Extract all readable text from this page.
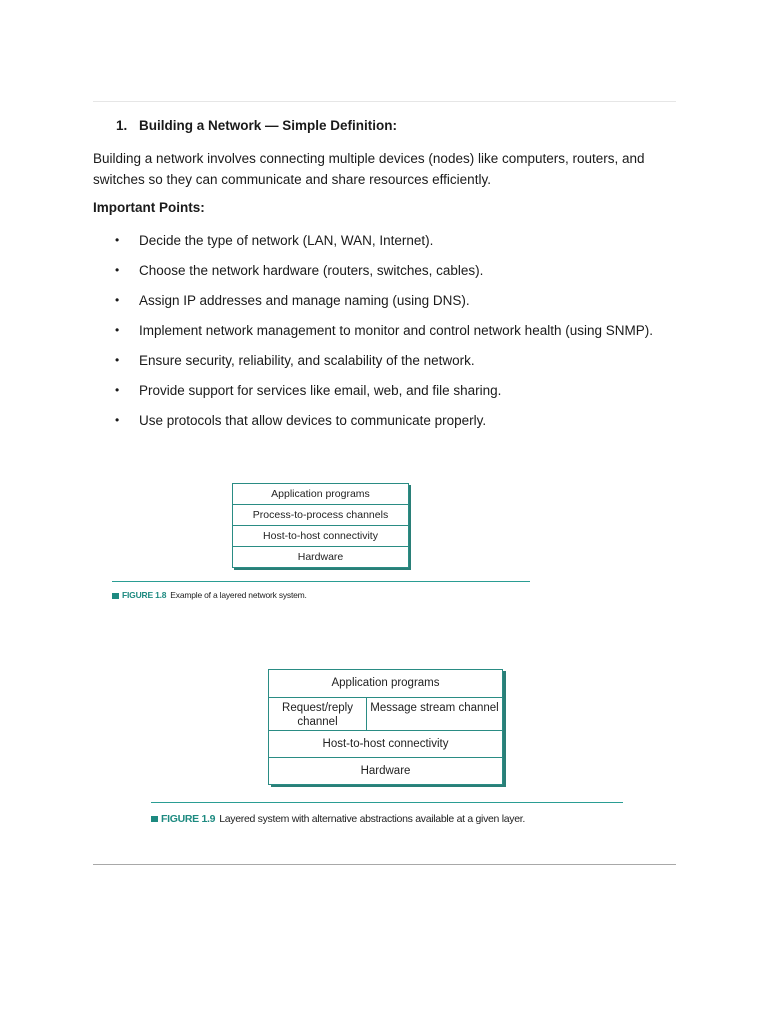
1. Building a Network — Simple Definition:
Building a network involves connecting multiple devices (nodes) like computers, routers, and switches so they can communicate and share resources efficiently.
Important Points:
• Decide the type of network (LAN, WAN, Internet).
• Choose the network hardware (routers, switches, cables).
• Assign IP addresses and manage naming (using DNS).
• Implement network management to monitor and control network health (using SNMP).
• Ensure security, reliability, and scalability of the network.
• Provide support for services like email, web, and file sharing.
• Use protocols that allow devices to communicate properly.
Application programs
Process-to-process channels
Host-to-host connectivity
Hardware
FIGURE 1.8 Example of a layered network system.
Application programs
Request/reply channel
Message stream channel
Host-to-host connectivity
Hardware
FIGURE 1.9 Layered system with alternative abstractions available at a given layer.
